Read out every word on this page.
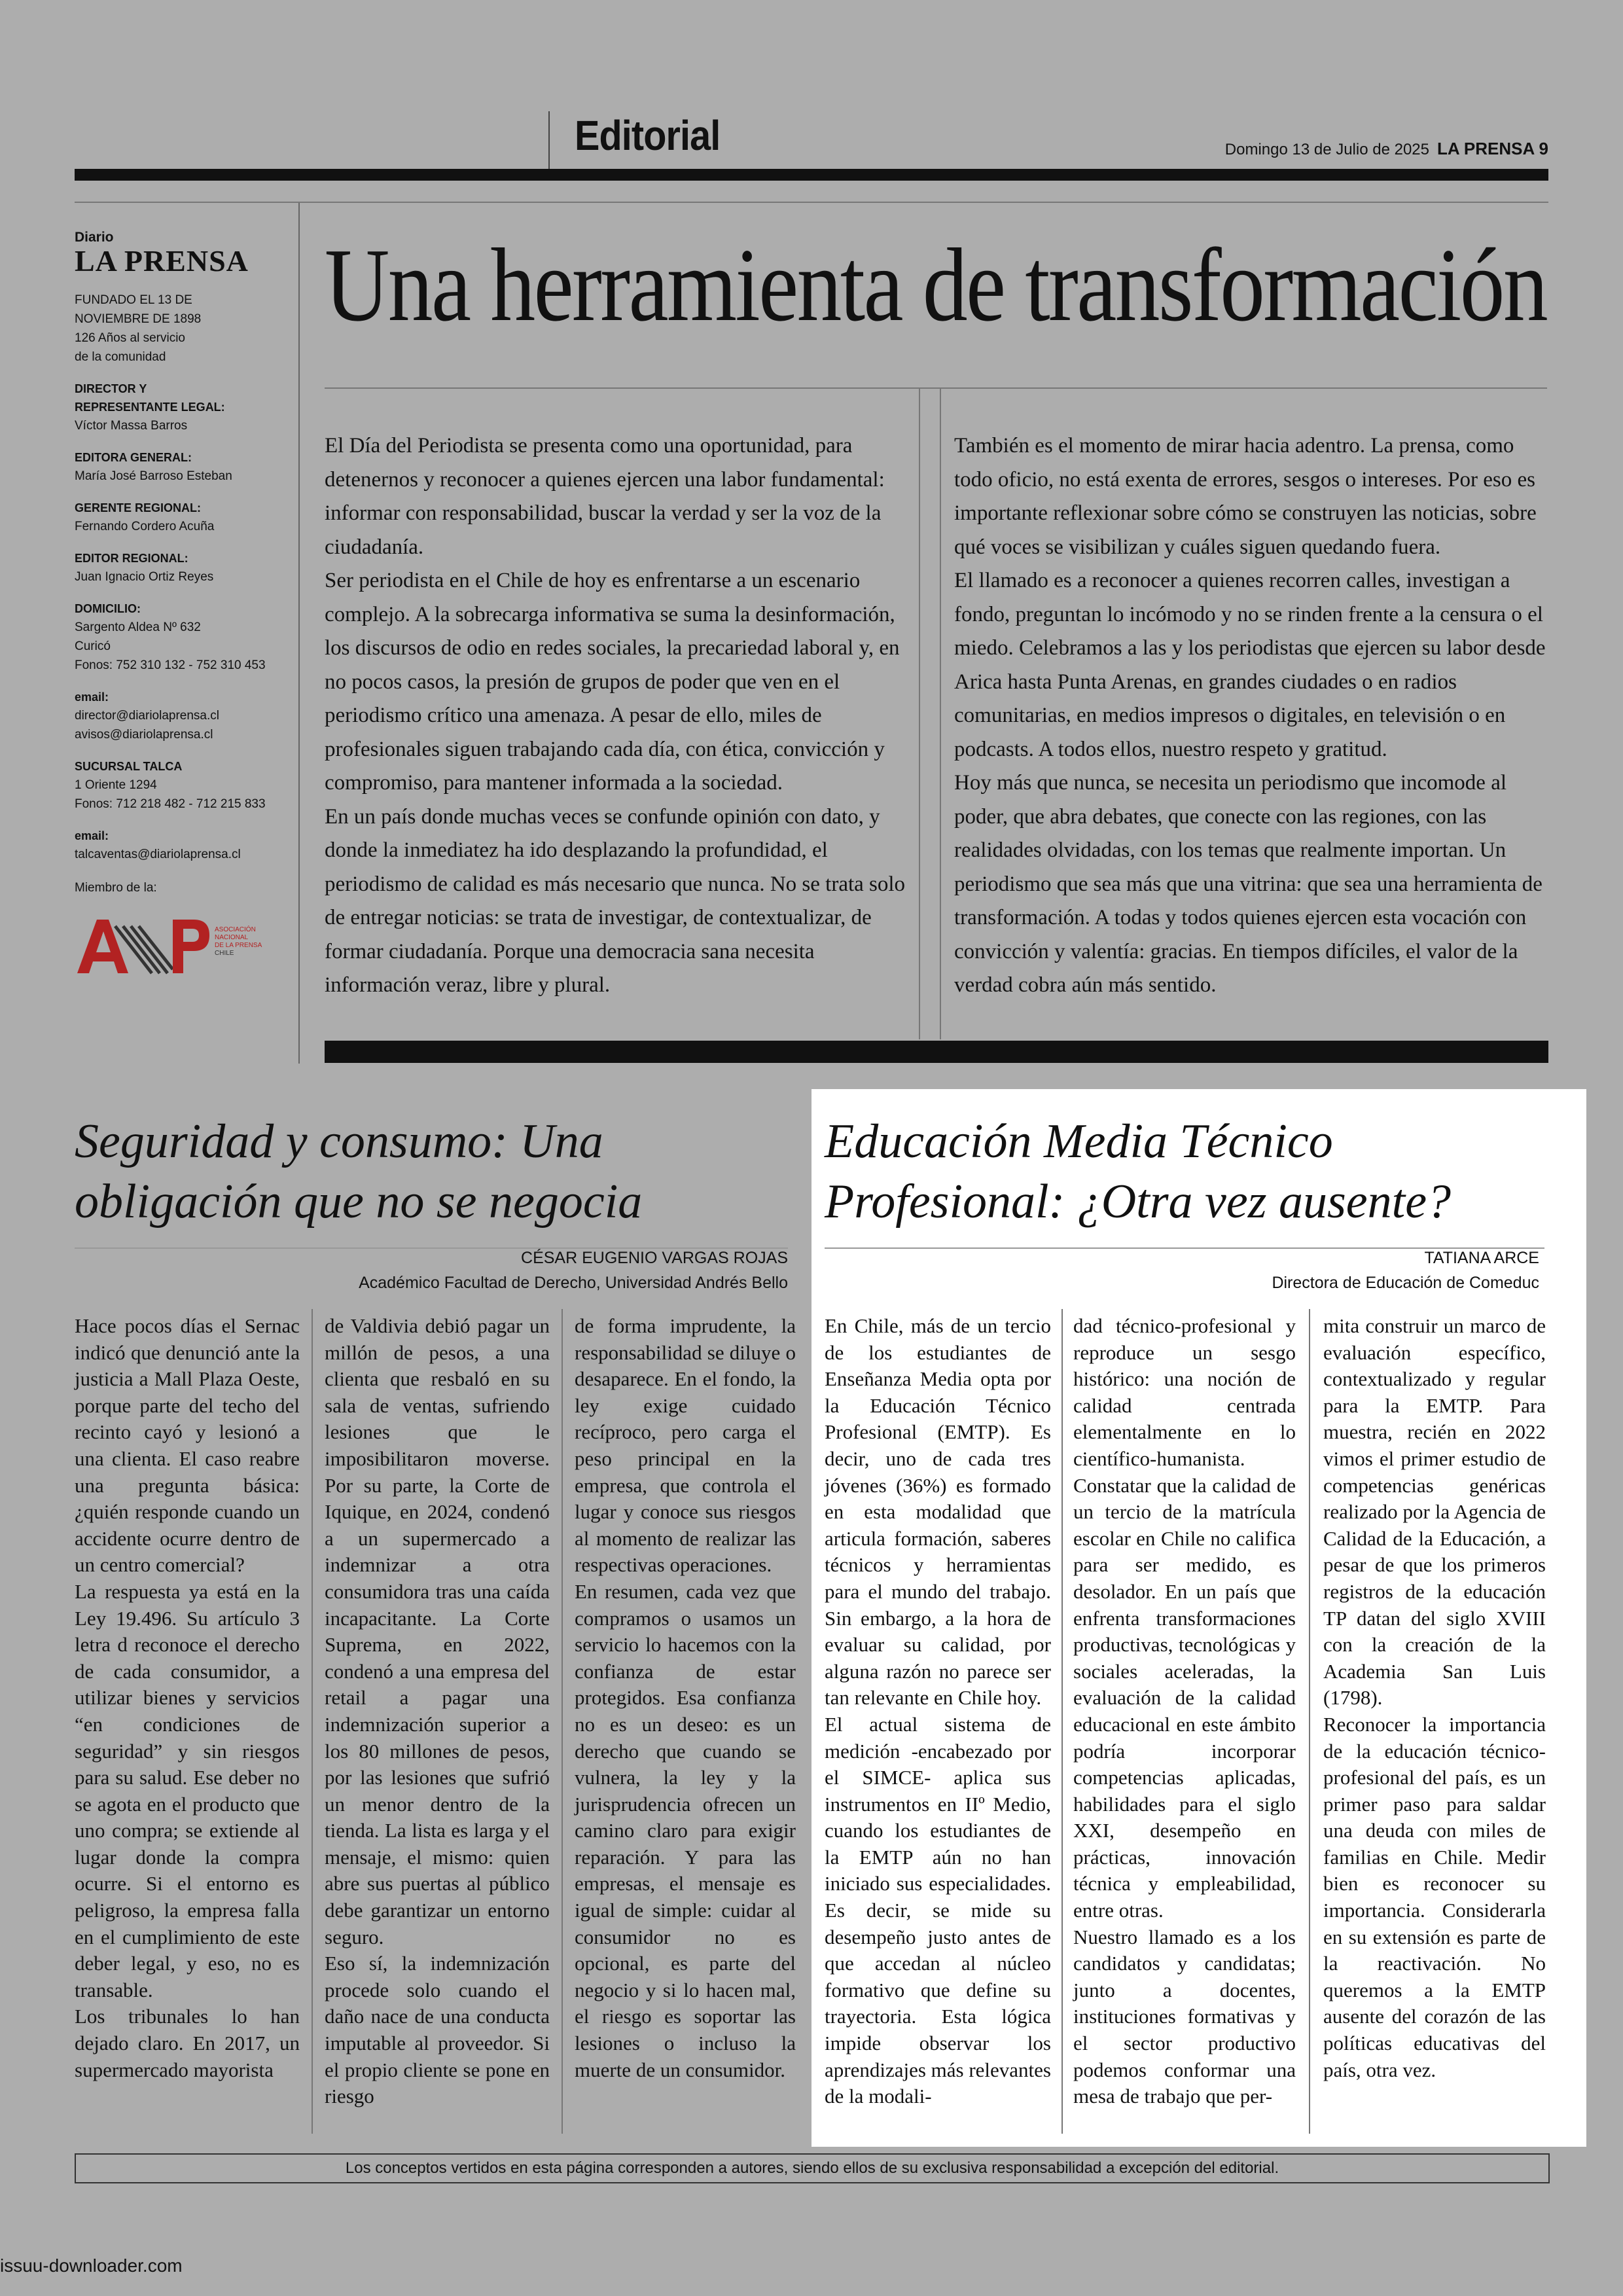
Editorial	Domingo 13 de Julio de 2025 LA PRENSA 9
Diario
LA PRENSA
FUNDADO EL 13 DE
NOVIEMBRE DE 1898
126 Años al servicio
de la comunidad
DIRECTOR Y
REPRESENTANTE LEGAL:
Víctor Massa Barros
EDITORA GENERAL:
María José Barroso Esteban
GERENTE REGIONAL:
Fernando Cordero Acuña
EDITOR REGIONAL:
Juan Ignacio Ortiz Reyes
DOMICILIO:
Sargento Aldea Nº 632
Curicó
Fonos: 752 310 132 - 752 310 453
email:
director@diariolaprensa.cl
avisos@diariolaprensa.cl
SUCURSAL TALCA
1 Oriente 1294
Fonos: 712 218 482 - 712 215 833
email:
talcaventas@diariolaprensa.cl
Miembro de la:
ASOCIACIÓN
NACIONAL
DE LA PRENSA
CHILE
Una herramienta de transformación

El Día del Periodista se presenta como una oportunidad, para detenernos y reconocer a quienes ejercen una labor fundamental: informar con responsabilidad, buscar la verdad y ser la voz de la ciudadanía.

Ser periodista en el Chile de hoy es enfrentarse a un escenario complejo. A la sobrecarga informativa se suma la desinformación, los discursos de odio en redes sociales, la precariedad laboral y, en no pocos casos, la presión de grupos de poder que ven en el periodismo crítico una amenaza. A pesar de ello, miles de profesionales siguen trabajando cada día, con ética, convicción y compromiso, para mantener informada a la sociedad.

En un país donde muchas veces se confunde opinión con dato, y donde la inmediatez ha ido desplazando la profundidad, el periodismo de calidad es más necesario que nunca. No se trata solo de entregar noticias: se trata de investigar, de contextualizar, de formar ciudadanía. Porque una democracia sana necesita información veraz, libre y plural.

También es el momento de mirar hacia adentro. La prensa, como todo oficio, no está exenta de errores, sesgos o intereses. Por eso es importante reflexionar sobre cómo se construyen las noticias, sobre qué voces se visibilizan y cuáles siguen quedando fuera.

El llamado es a reconocer a quienes recorren calles, investigan a fondo, preguntan lo incómodo y no se rinden frente a la censura o el miedo. Celebramos a las y los periodistas que ejercen su labor desde Arica hasta Punta Arenas, en grandes ciudades o en radios comunitarias, en medios impresos o digitales, en televisión o en podcasts. A todos ellos, nuestro respeto y gratitud.

Hoy más que nunca, se necesita un periodismo que incomode al poder, que abra debates, que conecte con las regiones, con las realidades olvidadas, con los temas que realmente importan. Un periodismo que sea más que una vitrina: que sea una herramienta de transformación. A todas y todos quienes ejercen esta vocación con convicción y valentía: gracias. En tiempos difíciles, el valor de la verdad cobra aún más sentido.

Seguridad y consumo: Una obligación que no se negocia
CÉSAR EUGENIO VARGAS ROJAS
Académico Facultad de Derecho, Universidad Andrés Bello

Hace pocos días el Sernac indicó que denunció ante la justicia a Mall Plaza Oeste, porque parte del techo del recinto cayó y lesionó a una clienta. El caso reabre una pregunta básica: ¿quién responde cuando un accidente ocurre dentro de un centro comercial?

La respuesta ya está en la Ley 19.496. Su artículo 3 letra d reconoce el derecho de cada consumidor, a utilizar bienes y servicios “en condiciones de seguridad” y sin riesgos para su salud. Ese deber no se agota en el producto que uno compra; se extiende al lugar donde la compra ocurre. Si el entorno es peligroso, la empresa falla en el cumplimiento de este deber legal, y eso, no es transable.

Los tribunales lo han dejado claro. En 2017, un supermercado mayorista

de Valdivia debió pagar un millón de pesos, a una clienta que resbaló en su sala de ventas, sufriendo lesiones que le imposibilitaron moverse. Por su parte, la Corte de Iquique, en 2024, condenó a un supermercado a indemnizar a otra consumidora tras una caída incapacitante. La Corte Suprema, en 2022, condenó a una empresa del retail a pagar una indemnización superior a los 80 millones de pesos, por las lesiones que sufrió un menor dentro de la tienda. La lista es larga y el mensaje, el mismo: quien abre sus puertas al público debe garantizar un entorno seguro.

Eso sí, la indemnización procede solo cuando el daño nace de una conducta imputable al proveedor. Si el propio cliente se pone en riesgo

de forma imprudente, la responsabilidad se diluye o desaparece. En el fondo, la ley exige cuidado recíproco, pero carga el peso principal en la empresa, que controla el lugar y conoce sus riesgos al momento de realizar las respectivas operaciones.

En resumen, cada vez que compramos o usamos un servicio lo hacemos con la confianza de estar protegidos. Esa confianza no es un deseo: es un derecho que cuando se vulnera, la ley y la jurisprudencia ofrecen un camino claro para exigir reparación. Y para las empresas, el mensaje es igual de simple: cuidar al consumidor no es opcional, es parte del negocio y si lo hacen mal, el riesgo es soportar las lesiones o incluso la muerte de un consumidor.

Educación Media Técnico Profesional: ¿Otra vez ausente?
TATIANA ARCE
Directora de Educación de Comeduc

En Chile, más de un tercio de los estudiantes de Enseñanza Media opta por la Educación Técnico Profesional (EMTP). Es decir, uno de cada tres jóvenes (36%) es formado en esta modalidad que articula formación, saberes técnicos y herramientas para el mundo del trabajo. Sin embargo, a la hora de evaluar su calidad, por alguna razón no parece ser tan relevante en Chile hoy.

El actual sistema de medición -encabezado por el SIMCE- aplica sus instrumentos en IIº Medio, cuando los estudiantes de la EMTP aún no han iniciado sus especialidades. Es decir, se mide su desempeño justo antes de que accedan al núcleo formativo que define su trayectoria. Esta lógica impide observar los aprendizajes más relevantes de la modali-

dad técnico-profesional y reproduce un sesgo histórico: una noción de calidad centrada elementalmente en lo científico-humanista.

Constatar que la calidad de un tercio de la matrícula escolar en Chile no califica para ser medido, es desolador. En un país que enfrenta transformaciones productivas, tecnológicas y sociales aceleradas, la evaluación de la calidad educacional en este ámbito podría incorporar competencias aplicadas, habilidades para el siglo XXI, desempeño en prácticas, innovación técnica y empleabilidad, entre otras.

Nuestro llamado es a los candidatos y candidatas; junto a docentes, instituciones formativas y el sector productivo podemos conformar una mesa de trabajo que per-

mita construir un marco de evaluación específico, contextualizado y regular para la EMTP. Para muestra, recién en 2022 vimos el primer estudio de competencias genéricas realizado por la Agencia de Calidad de la Educación, a pesar de que los primeros registros de la educación TP datan del siglo XVIII con la creación de la Academia San Luis (1798).

Reconocer la importancia de la educación técnico-profesional del país, es un primer paso para saldar una deuda con miles de familias en Chile. Medir bien es reconocer su importancia. Considerarla en su extensión es parte de la reactivación. No queremos a la EMTP ausente del corazón de las políticas educativas del país, otra vez.

Los conceptos vertidos en esta página corresponden a autores, siendo ellos de su exclusiva responsabilidad a excepción del editorial.
issuu-downloader.com
